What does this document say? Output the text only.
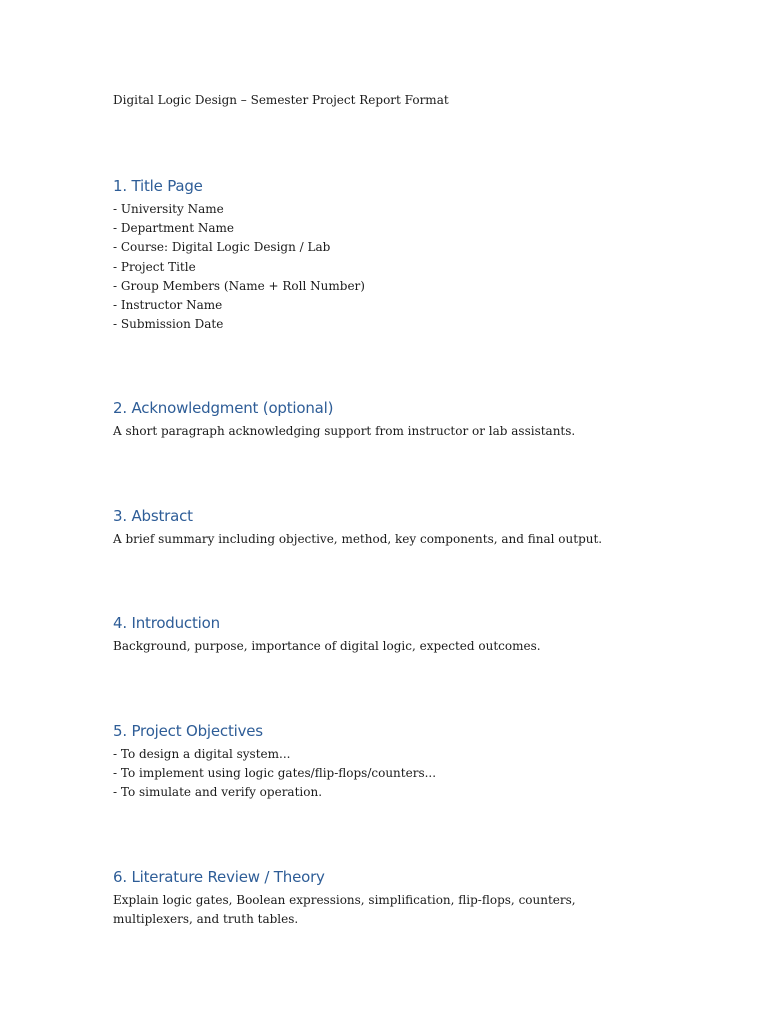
Digital Logic Design – Semester Project Report Format
1. Title Page
- University Name
- Department Name
- Course: Digital Logic Design / Lab
- Project Title
- Group Members (Name + Roll Number)
- Instructor Name
- Submission Date
2. Acknowledgment (optional)

A short paragraph acknowledging support from instructor or lab assistants.

3. Abstract

A brief summary including objective, method, key components, and final output.

4. Introduction

Background, purpose, importance of digital logic, expected outcomes.

5. Project Objectives
- To design a digital system...
- To implement using logic gates/flip-flops/counters...
- To simulate and verify operation.
6. Literature Review / Theory

Explain logic gates, Boolean expressions, simplification, flip-flops, counters, multiplexers, and truth tables.
